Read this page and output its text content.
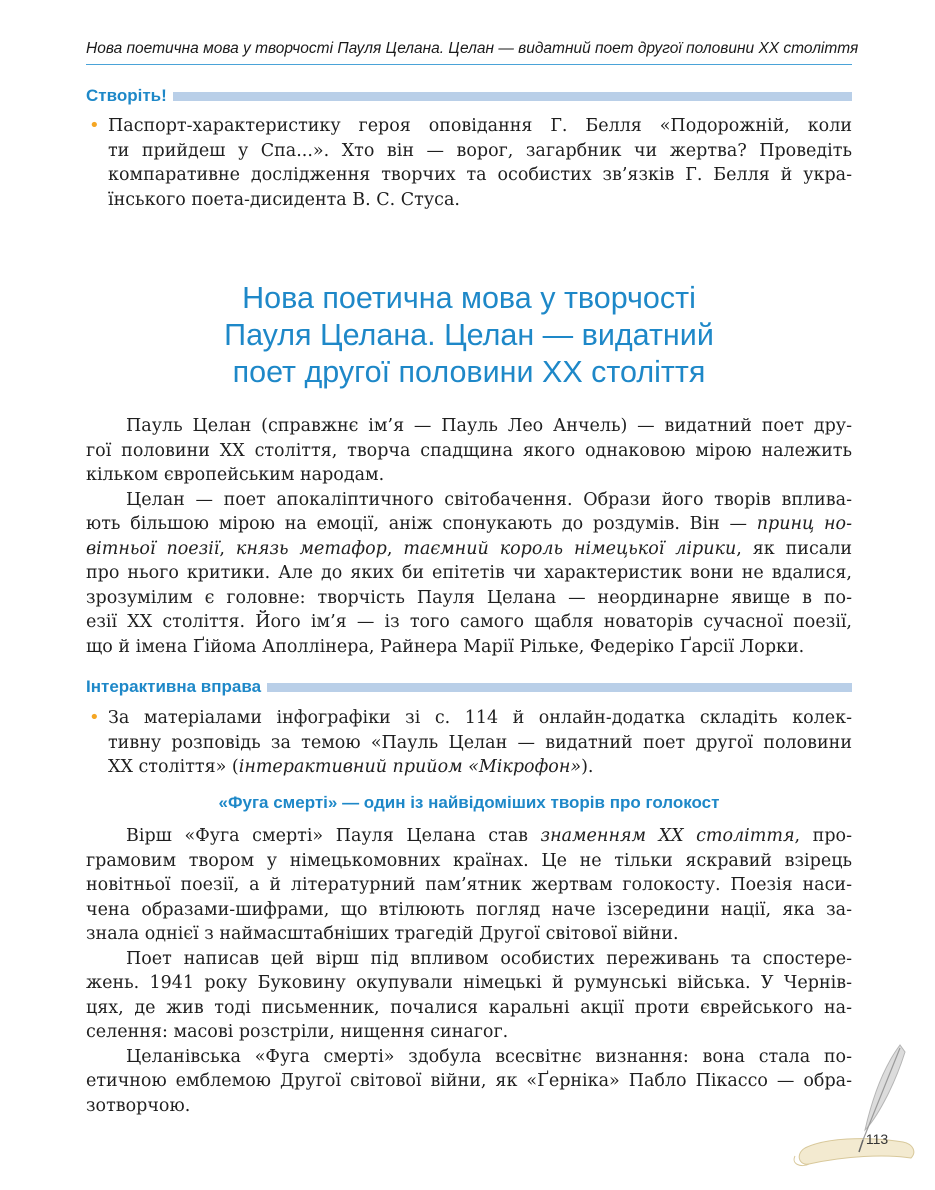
Нова поетична мова у творчості Пауля Целана. Целан — видатний поет другої половини ХХ століття
Створіть!
• Паспорт-характеристику героя оповідання Г. Белля «Подорожній, коли
ти прийдеш у Спа...». Хто він — ворог, загарбник чи жертва? Проведіть
компаративне дослідження творчих та особистих зв’язків Г. Белля й укра-
їнського поета-дисидента В. С. Стуса.
Нова поетична мова у творчості
Пауля Целана. Целан — видатний
поет другої половини ХХ століття
Пауль Целан (справжнє ім’я — Пауль Лео Анчель) — видатний поет дру-
гої половини ХХ століття, творча спадщина якого однаковою мірою належить
кільком європейським народам.
Целан — поет апокаліптичного світобачення. Образи його творів вплива-
ють більшою мірою на емоції, аніж спонукають до роздумів. Він — принц но-
вітньої поезії, князь метафор, таємний король німецької лірики, як писали
про нього критики. Але до яких би епітетів чи характеристик вони не вдалися,
зрозумілим є головне: творчість Пауля Целана — неординарне явище в по-
езії ХХ століття. Його ім’я — із того самого щабля новаторів сучасної поезії,
що й імена Ґійома Аполлінера, Райнера Марії Рільке, Федеріко Ґарсії Лорки.
Інтерактивна вправа
• За матеріалами інфографіки зі с. 114 й онлайн-додатка складіть колек-
тивну розповідь за темою «Пауль Целан — видатний поет другої половини
ХХ століття» (інтерактивний прийом «Мікрофон»).
«Фуга смерті» — один із найвідоміших творів про голокост
Вірш «Фуга смерті» Пауля Целана став знаменням ХХ століття, про-
грамовим твором у німецькомовних країнах. Це не тільки яскравий взірець
новітньої поезії, а й літературний пам’ятник жертвам голокосту. Поезія наси-
чена образами-шифрами, що втілюють погляд наче ізсередини нації, яка за-
знала однієї з наймасштабніших трагедій Другої світової війни.
Поет написав цей вірш під впливом особистих переживань та спостере-
жень. 1941 року Буковину окупували німецькі й румунські війська. У Чернів-
цях, де жив тоді письменник, почалися каральні акції проти єврейського на-
селення: масові розстріли, нищення синагог.
Целанівська «Фуга смерті» здобула всесвітнє визнання: вона стала по-
етичною емблемою Другої світової війни, як «Ґерніка» Пабло Пікассо — обра-
зотворчою.
113
